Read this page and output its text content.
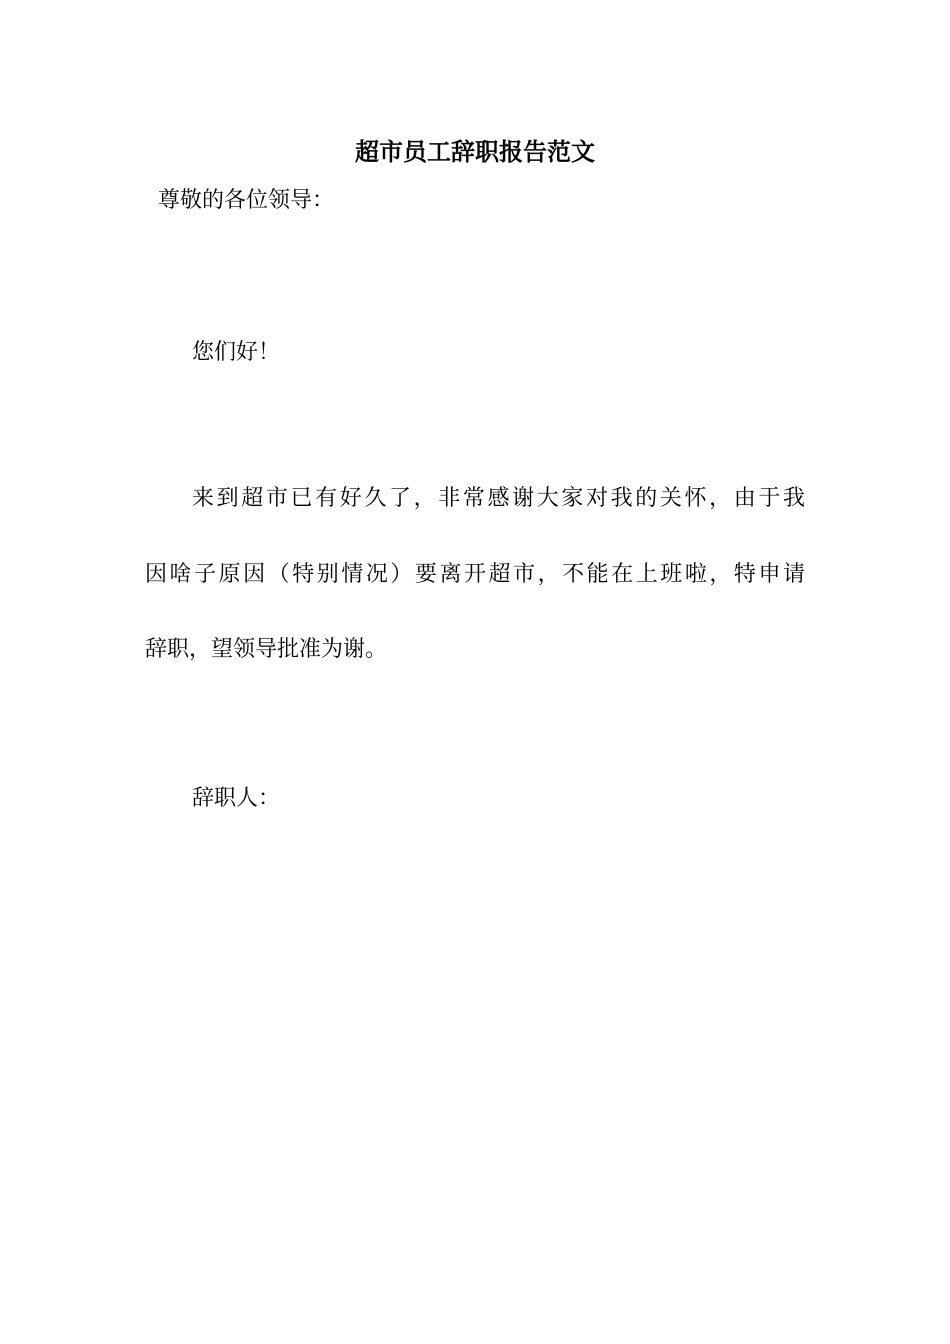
超市员工辞职报告范文
尊敬的各位领导：
您们好！
来到超市已有好久了，非常感谢大家对我的关怀，由于我
因啥子原因（特别情况）要离开超市，不能在上班啦，特申请
辞职，望领导批准为谢。
辞职人：
